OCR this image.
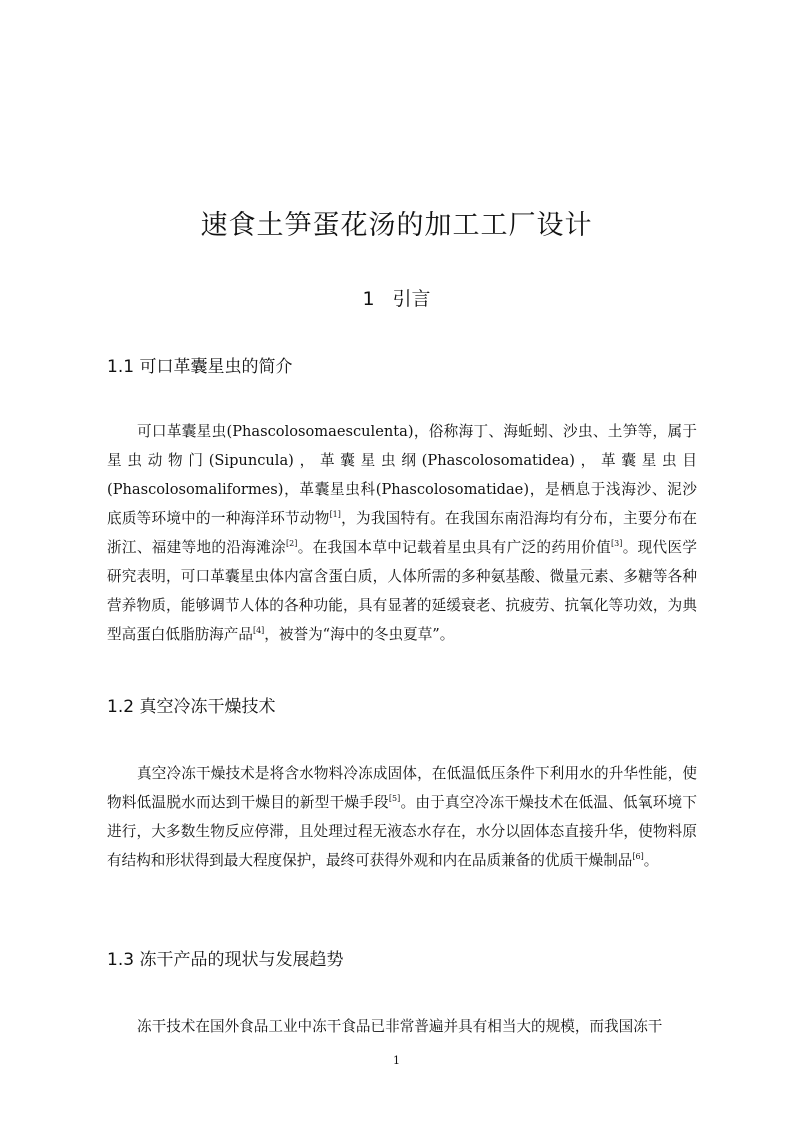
速食土笋蛋花汤的加工工厂设计
1 引言
1.1 可口革囊星虫的简介

可口革囊星虫(Phascolosomaesculenta)，俗称海丁、海蚯蚓、沙虫、土笋等，属于星虫动物门(Sipuncula)，革囊星虫纲(Phascolosomatidea)，革囊星虫目(Phascolosomaliformes)，革囊星虫科(Phascolosomatidae)，是栖息于浅海沙、泥沙底质等环境中的一种海洋环节动物[1]，为我国特有。在我国东南沿海均有分布，主要分布在浙江、福建等地的沿海滩涂[2]。在我国本草中记载着星虫具有广泛的药用价值[3]。现代医学研究表明，可口革囊星虫体内富含蛋白质，人体所需的多种氨基酸、微量元素、多糖等各种营养物质，能够调节人体的各种功能，具有显著的延缓衰老、抗疲劳、抗氧化等功效，为典型高蛋白低脂肪海产品[4]，被誉为“海中的冬虫夏草”。

1.2 真空冷冻干燥技术

真空冷冻干燥技术是将含水物料冷冻成固体，在低温低压条件下利用水的升华性能，使物料低温脱水而达到干燥目的新型干燥手段[5]。由于真空冷冻干燥技术在低温、低氧环境下进行，大多数生物反应停滞，且处理过程无液态水存在，水分以固体态直接升华，使物料原有结构和形状得到最大程度保护，最终可获得外观和内在品质兼备的优质干燥制品[6]。

1.3 冻干产品的现状与发展趋势

冻干技术在国外食品工业中冻干食品已非常普遍并具有相当大的规模，而我国冻干

1
